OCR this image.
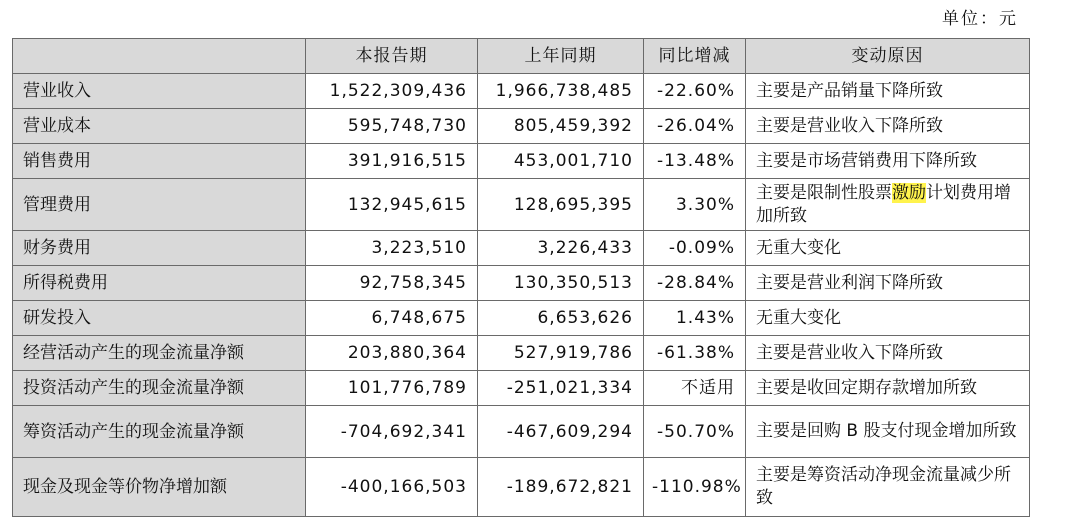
单位：元
	本报告期	上年同期	同比增减	变动原因
营业收入	1,522,309,436	1,966,738,485	-22.60%	主要是产品销量下降所致
营业成本	595,748,730	805,459,392	-26.04%	主要是营业收入下降所致
销售费用	391,916,515	453,001,710	-13.48%	主要是市场营销费用下降所致
管理费用	132,945,615	128,695,395	3.30%	主要是限制性股票激励计划费用增加所致
财务费用	3,223,510	3,226,433	-0.09%	无重大变化
所得税费用	92,758,345	130,350,513	-28.84%	主要是营业利润下降所致
研发投入	6,748,675	6,653,626	1.43%	无重大变化
经营活动产生的现金流量净额	203,880,364	527,919,786	-61.38%	主要是营业收入下降所致
投资活动产生的现金流量净额	101,776,789	-251,021,334	不适用	主要是收回定期存款增加所致
筹资活动产生的现金流量净额	-704,692,341	-467,609,294	-50.70%	主要是回购 B 股支付现金增加所致
现金及现金等价物净增加额	-400,166,503	-189,672,821	-110.98%	主要是筹资活动净现金流量减少所致
